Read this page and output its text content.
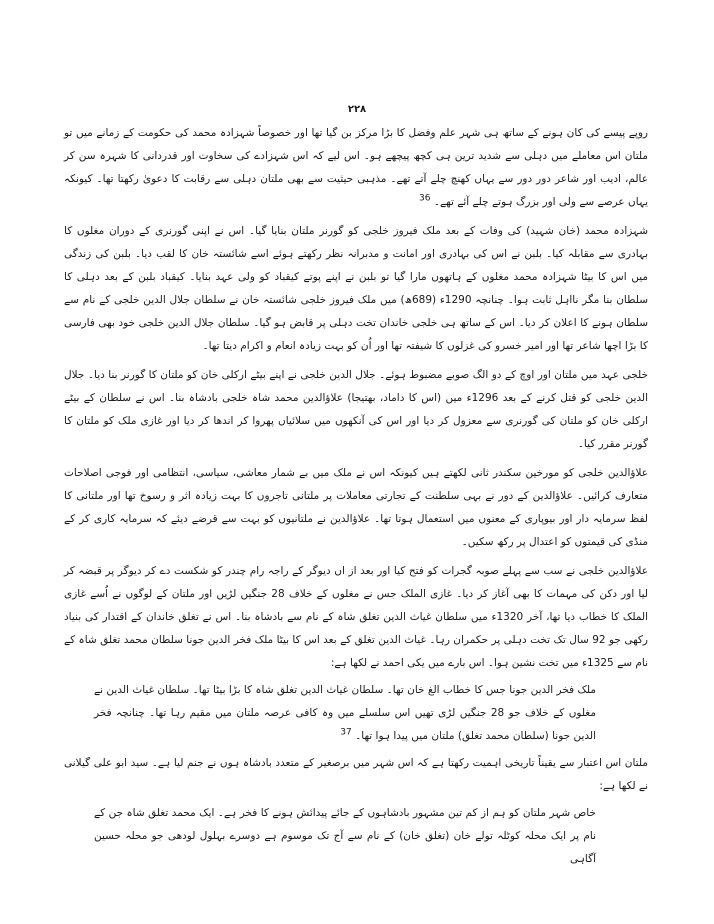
۲۲۸

روپے پیسے کی کان ہونے کے ساتھ ہی شہر علم وفضل کا بڑا مرکز بن گیا تھا اور خصوصاً شہزادہ محمد کی حکومت کے زمانے میں تو ملتان اس معاملے میں دہلی سے شدید ترین ہی کچھ پیچھے ہو۔ اس لیے کہ اس شہزادے کی سخاوت اور قدردانی کا شہرہ سن کر عالم، ادیب اور شاعر دور دور سے یہاں کھنچ چلے آتے تھے۔ مذہبی حیثیت سے بھی ملتان دہلی سے رقابت کا دعویٰ رکھتا تھا۔ کیونکہ یہاں عرصے سے ولی اور بزرگ ہوتے چلے آئے تھے۔ 36

شہزادہ محمد (خان شہید) کی وفات کے بعد ملک فیروز خلجی کو گورنر ملتان بنایا گیا۔ اس نے اپنی گورنری کے دوران مغلوں کا بہادری سے مقابلہ کیا۔ بلبن نے اس کی بہادری اور امانت و مدبرانہ نظر رکھتے ہوئے اسے شائستہ خان کا لقب دیا۔ بلبن کی زندگی میں اس کا بیٹا شہزادہ محمد مغلوں کے ہاتھوں مارا گیا تو بلبن نے اپنے پوتے کیقباد کو ولی عہد بنایا۔ کیقباد بلبن کے بعد دہلی کا سلطان بنا مگر نااہل ثابت ہوا۔ چنانچہ 1290ء (689ھ) میں ملک فیروز خلجی شائستہ خان نے سلطان جلال الدین خلجی کے نام سے سلطان ہونے کا اعلان کر دیا۔ اس کے ساتھ ہی خلجی خاندان تخت دہلی پر قابض ہو گیا۔ سلطان جلال الدین خلجی خود بھی فارسی کا بڑا اچھا شاعر تھا اور امیر خسرو کی غزلوں کا شیفتہ تھا اور اُن کو بہت زیادہ انعام و اکرام دیتا تھا۔

خلجی عہد میں ملتان اور اوچ کے دو الگ صوبے مضبوط ہوئے۔ جلال الدین خلجی نے اپنے بیٹے ارکلی خان کو ملتان کا گورنر بنا دیا۔ جلال الدین خلجی کو قتل کرنے کے بعد 1296ء میں (اس کا داماد، بھتیجا) علاؤالدین محمد شاہ خلجی بادشاہ بنا۔ اس نے سلطان کے بیٹے ارکلی خان کو ملتان کی گورنری سے معزول کر دیا اور اس کی آنکھوں میں سلائیاں پھروا کر اندھا کر دیا اور غازی ملک کو ملتان کا گورنر مقرر کیا۔

علاؤالدین خلجی کو مورخین سکندر ثانی لکھتے ہیں کیونکہ اس نے ملک میں بے شمار معاشی، سیاسی، انتظامی اور فوجی اصلاحات متعارف کرائیں۔ علاؤالدین کے دور نے بہی سلطنت کے تجارتی معاملات پر ملتانی تاجروں کا بہت زیادہ اثر و رسوخ تھا اور ملتانی کا لفظ سرمایہ دار اور بیوپاری کے معنوں میں استعمال ہوتا تھا۔ علاؤالدین نے ملتانیوں کو بہت سے قرضے دیئے کہ سرمایہ کاری کر کے منڈی کی قیمتوں کو اعتدال پر رکھ سکیں۔

علاؤالدین خلجی نے سب سے پہلے صوبہ گجرات کو فتح کیا اور بعد از اں دیوگر کے راجہ رام چندر کو شکست دے کر دیوگر پر قبضہ کر لیا اور دکن کی مہمات کا بھی آغاز کر دیا۔ غازی الملک جس نے مغلوں کے خلاف 28 جنگیں لڑیں اور ملتان کے لوگوں نے اُسے غازی الملک کا خطاب دیا تھا، آخر 1320ء میں سلطان غیاث الدین تغلق شاہ کے نام سے بادشاہ بنا۔ اس نے تغلق خاندان کے اقتدار کی بنیاد رکھی جو 92 سال تک تخت دہلی پر حکمران رہا۔ غیاث الدین تغلق کے بعد اس کا بیٹا ملک فخر الدین جونا سلطان محمد تغلق شاہ کے نام سے 1325ء میں تخت نشین ہوا۔ اس بارے میں یکی احمد نے لکھا ہے:

ملک فخر الدین جونا جس کا خطاب الغ خان تھا۔ سلطان غیاث الدین تغلق شاہ کا بڑا بیٹا تھا۔ سلطان غیاث الدین نے مغلوں کے خلاف جو 28 جنگیں لڑی تھیں اس سلسلے میں وہ کافی عرصہ ملتان میں مقیم رہا تھا۔ چنانچہ فخر الدین جونا (سلطان محمد تغلق) ملتان میں پیدا ہوا تھا۔ 37

ملتان اس اعتبار سے یقیناً تاریخی اہمیت رکھتا ہے کہ اس شہر میں برصغیر کے متعدد بادشاہ ہوں نے جنم لیا ہے۔ سید ابو علی گیلانی نے لکھا ہے:

خاص شہر ملتان کو ہم از کم تین مشہور بادشاہوں کے جائے پیدائش ہونے کا فخر ہے۔ ایک محمد تغلق شاہ جن کے نام پر ایک محلہ کوٹلہ تولے خان (تغلق خان) کے نام سے آج تک موسوم ہے دوسرے بہلول لودھی جو محلہ حسین آگاہی
